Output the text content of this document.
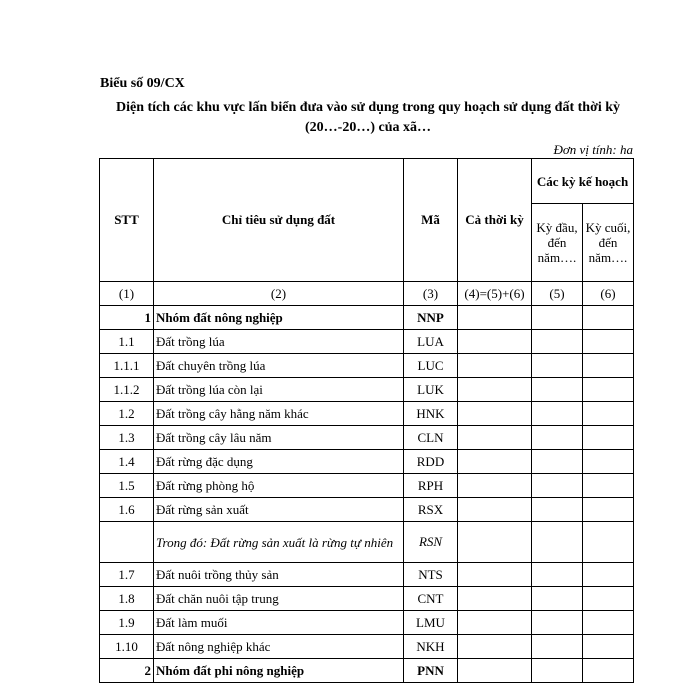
Biểu số 09/CX
Diện tích các khu vực lấn biển đưa vào sử dụng trong quy hoạch sử dụng đất thời kỳ (20…-20…) của xã…
Đơn vị tính: ha
STT	Chỉ tiêu sử dụng đất	Mã	Cả thời kỳ	Các kỳ kế hoạch	
				Kỳ đầu, đến năm….	Kỳ cuối, đến năm….
(1)	(2)	(3)	(4)=(5)+(6)	(5)	(6)
1	Nhóm đất nông nghiệp	NNP			
1.1	Đất trồng lúa	LUA			
1.1.1	Đất chuyên trồng lúa	LUC			
1.1.2	Đất trồng lúa còn lại	LUK			
1.2	Đất trồng cây hằng năm khác	HNK			
1.3	Đất trồng cây lâu năm	CLN			
1.4	Đất rừng đặc dụng	RDD			
1.5	Đất rừng phòng hộ	RPH			
1.6	Đất rừng sản xuất	RSX			
	Trong đó: Đất rừng sản xuất là rừng tự nhiên	RSN			
1.7	Đất nuôi trồng thủy sản	NTS			
1.8	Đất chăn nuôi tập trung	CNT			
1.9	Đất làm muối	LMU			
1.10	Đất nông nghiệp khác	NKH			
2	Nhóm đất phi nông nghiệp	PNN			
